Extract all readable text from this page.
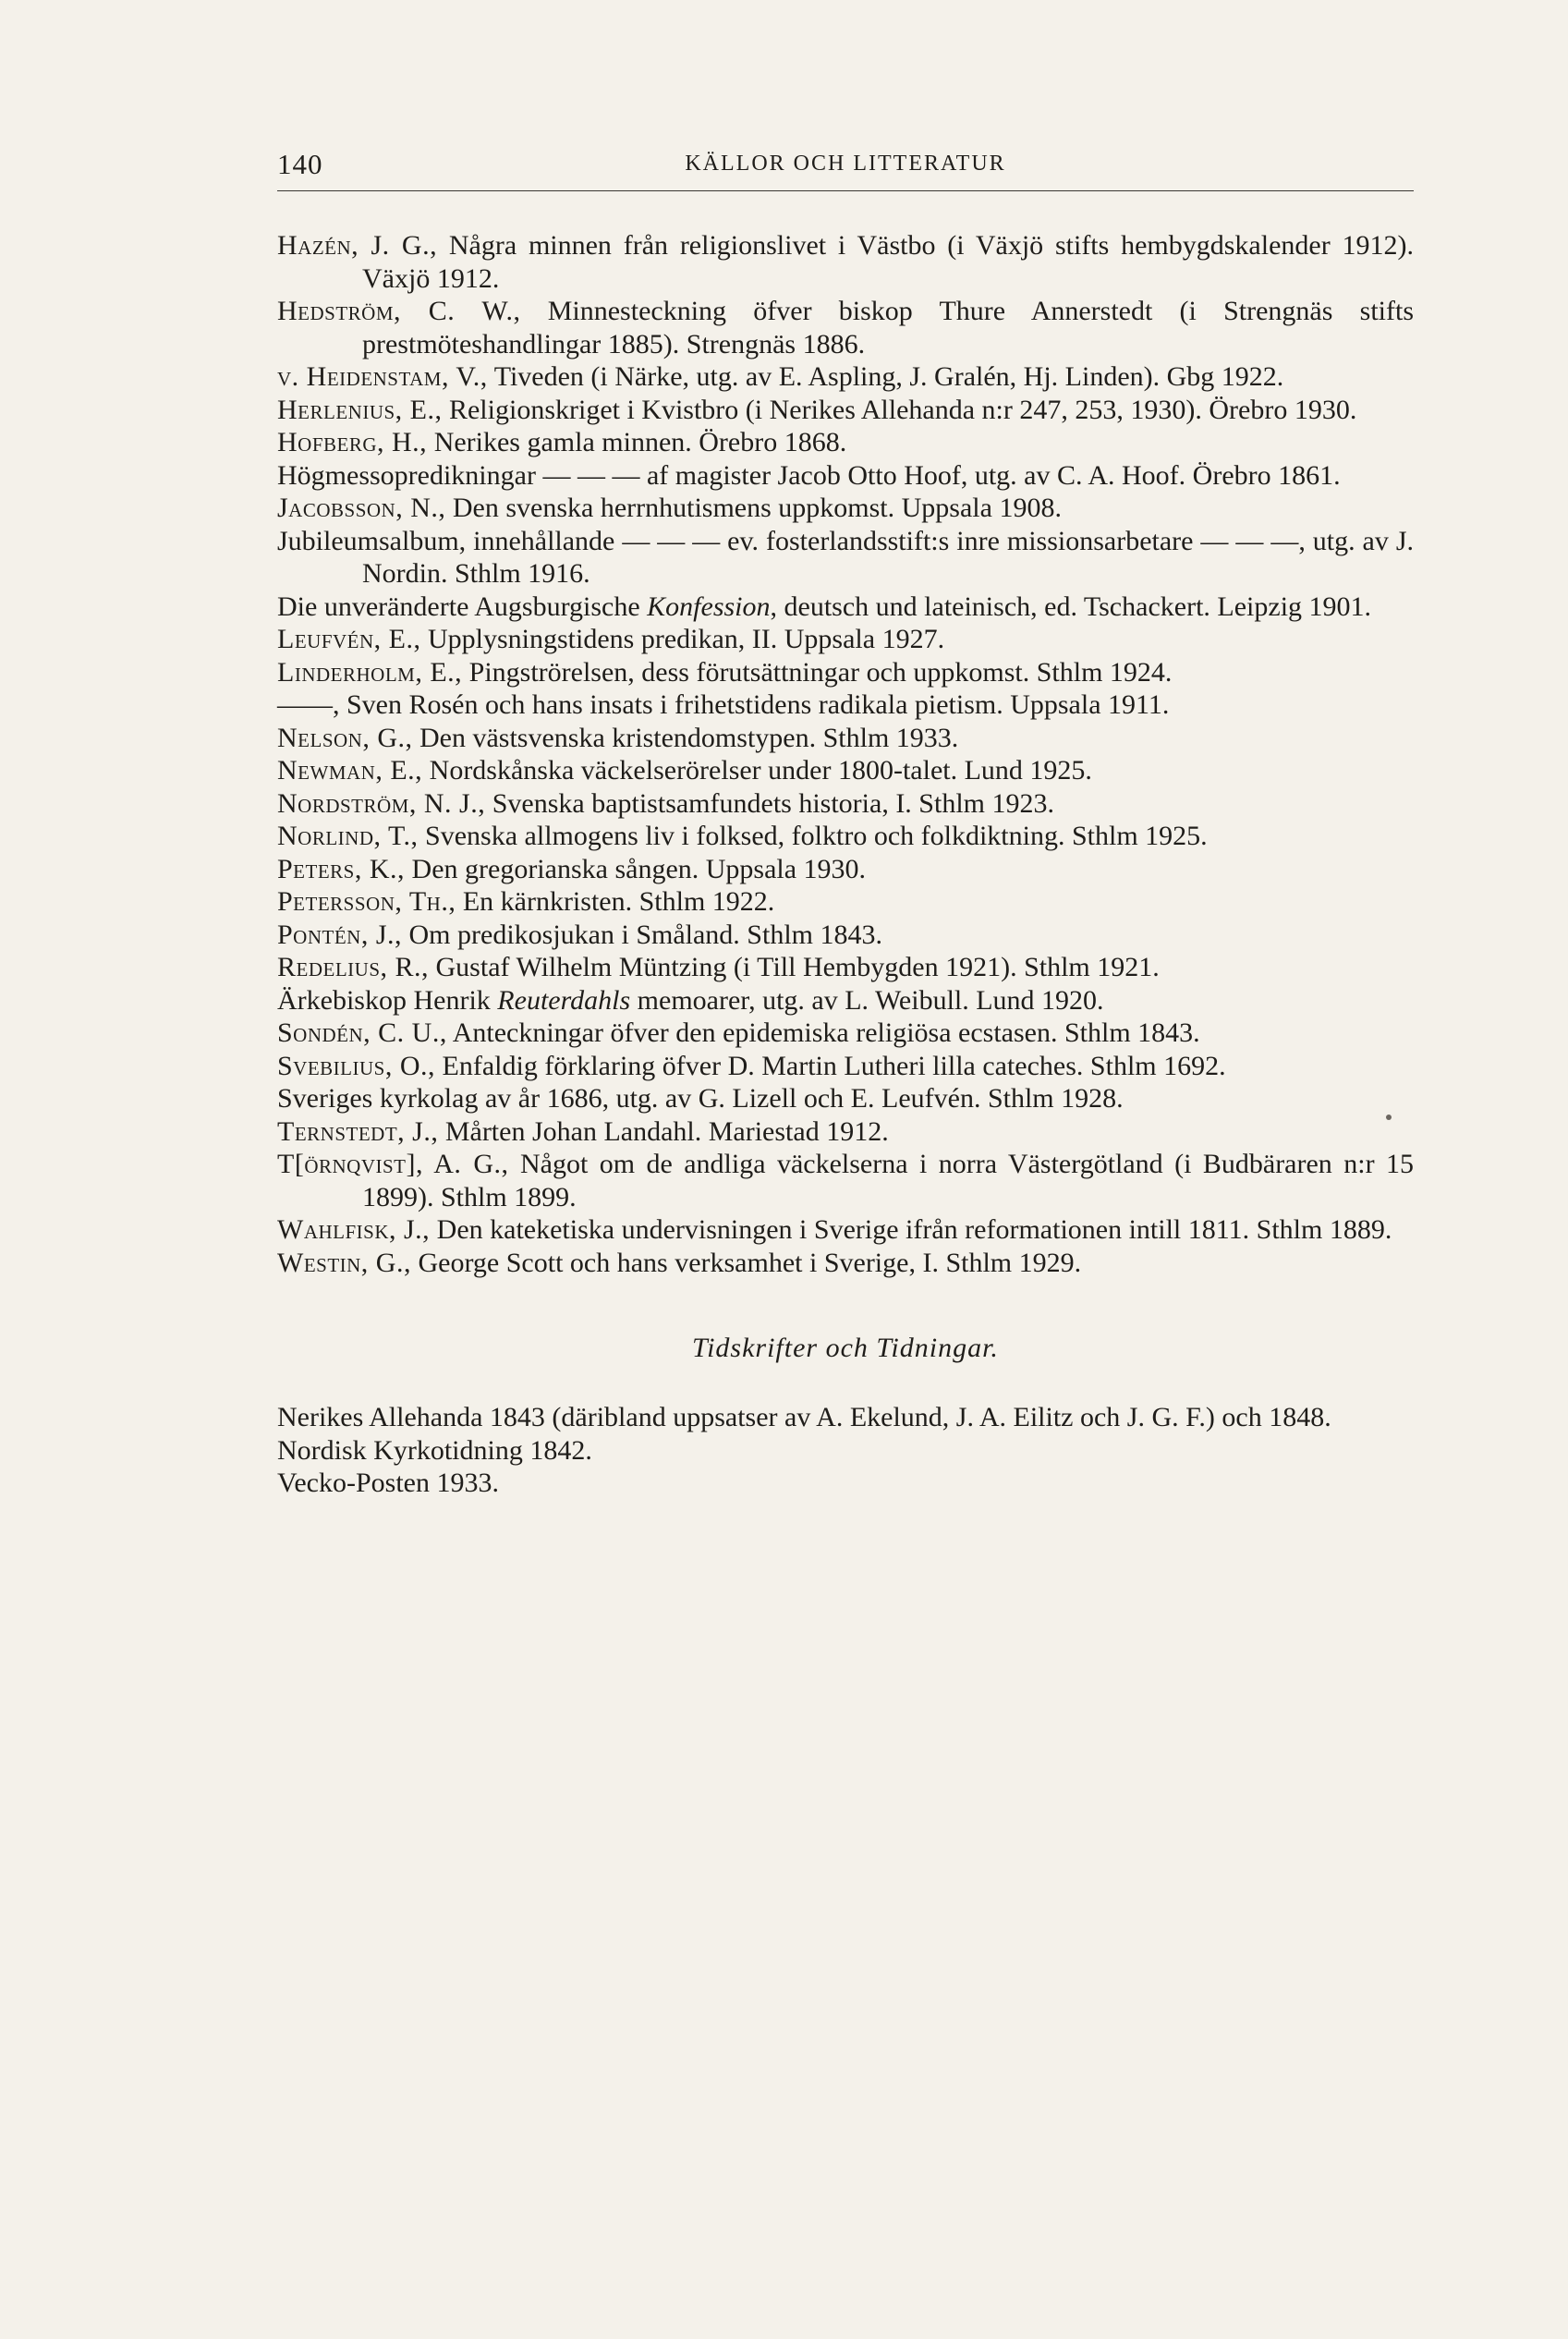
140	KÄLLOR OCH LITTERATUR
Hazén, J. G., Några minnen från religionslivet i Västbo (i Växjö stifts hembygdskalender 1912). Växjö 1912.
Hedström, C. W., Minnesteckning öfver biskop Thure Annerstedt (i Strengnäs stifts prestmöteshandlingar 1885). Strengnäs 1886.
v. Heidenstam, V., Tiveden (i Närke, utg. av E. Aspling, J. Gralén, Hj. Linden). Gbg 1922.
Herlenius, E., Religionskriget i Kvistbro (i Nerikes Allehanda n:r 247, 253, 1930). Örebro 1930.
Hofberg, H., Nerikes gamla minnen. Örebro 1868.
Högmessopredikningar — — — af magister Jacob Otto Hoof, utg. av C. A. Hoof. Örebro 1861.
Jacobsson, N., Den svenska herrnhutismens uppkomst. Uppsala 1908.
Jubileumsalbum, innehållande — — — ev. fosterlandsstift:s inre missionsarbetare — — —, utg. av J. Nordin. Sthlm 1916.
Die unveränderte Augsburgische Konfession, deutsch und lateinisch, ed. Tschackert. Leipzig 1901.
Leufvén, E., Upplysningstidens predikan, II. Uppsala 1927.
Linderholm, E., Pingströrelsen, dess förutsättningar och uppkomst. Sthlm 1924.
——, Sven Rosén och hans insats i frihetstidens radikala pietism. Uppsala 1911.
Nelson, G., Den västsvenska kristendomstypen. Sthlm 1933.
Newman, E., Nordskånska väckelserörelser under 1800-talet. Lund 1925.
Nordström, N. J., Svenska baptistsamfundets historia, I. Sthlm 1923.
Norlind, T., Svenska allmogens liv i folksed, folktro och folkdiktning. Sthlm 1925.
Peters, K., Den gregorianska sången. Uppsala 1930.
Petersson, Th., En kärnkristen. Sthlm 1922.
Pontén, J., Om predikosjukan i Småland. Sthlm 1843.
Redelius, R., Gustaf Wilhelm Müntzing (i Till Hembygden 1921). Sthlm 1921.
Ärkebiskop Henrik Reuterdahls memoarer, utg. av L. Weibull. Lund 1920.
Sondén, C. U., Anteckningar öfver den epidemiska religiösa ecstasen. Sthlm 1843.
Svebilius, O., Enfaldig förklaring öfver D. Martin Lutheri lilla cateches. Sthlm 1692.
Sveriges kyrkolag av år 1686, utg. av G. Lizell och E. Leufvén. Sthlm 1928.
Ternstedt, J., Mårten Johan Landahl. Mariestad 1912.
T[örnqvist], A. G., Något om de andliga väckelserna i norra Västergötland (i Budbäraren n:r 15 1899). Sthlm 1899.
Wahlfisk, J., Den kateketiska undervisningen i Sverige ifrån reformationen intill 1811. Sthlm 1889.
Westin, G., George Scott och hans verksamhet i Sverige, I. Sthlm 1929.
Tidskrifter och Tidningar.
Nerikes Allehanda 1843 (däribland uppsatser av A. Ekelund, J. A. Eilitz och J. G. F.) och 1848.
Nordisk Kyrkotidning 1842.
Vecko-Posten 1933.
